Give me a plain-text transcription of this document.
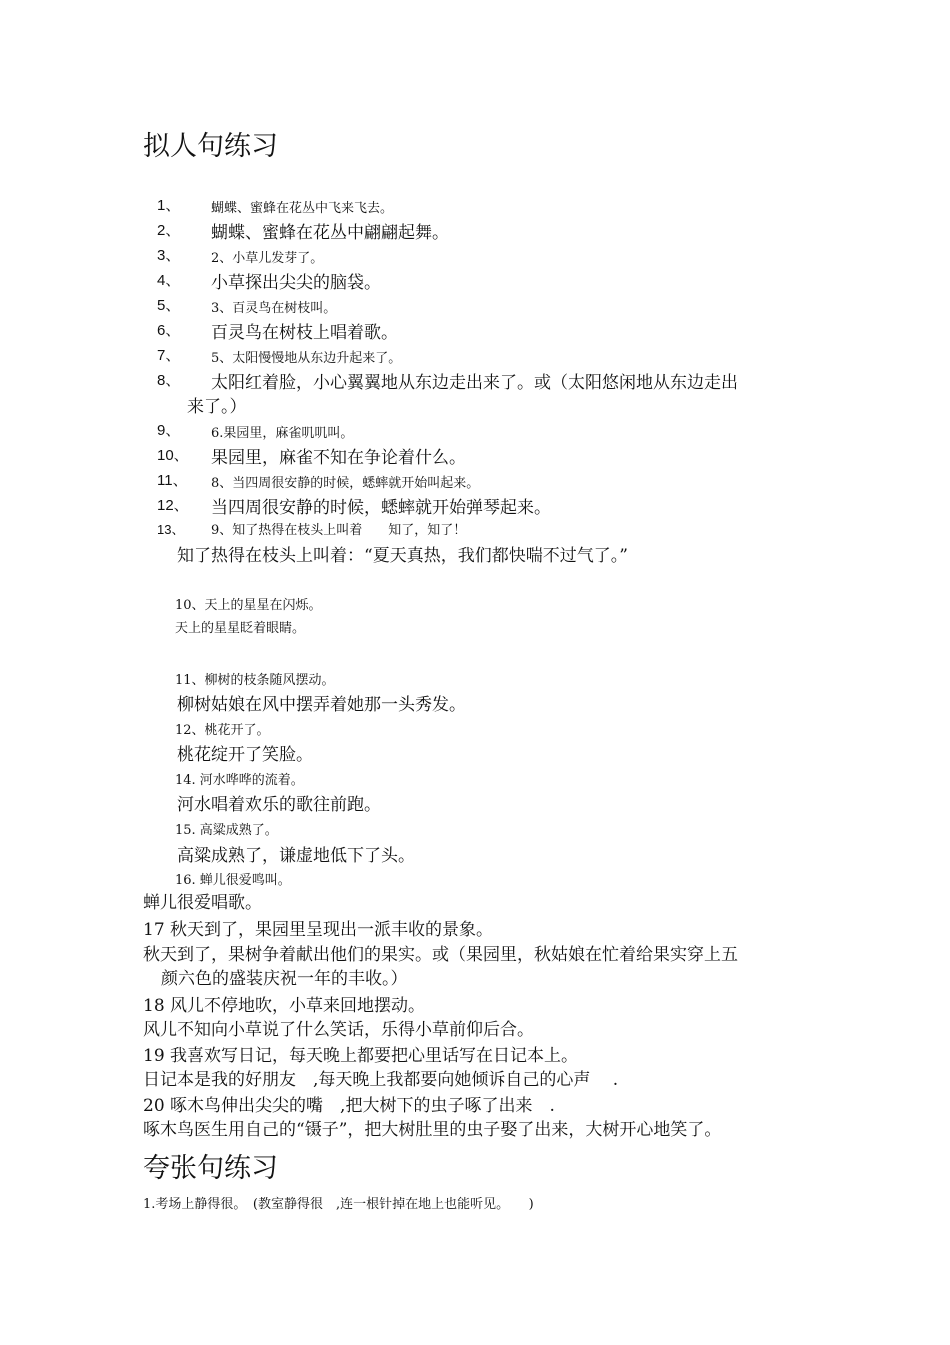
拟人句练习
1、 蝴蝶、蜜蜂在花丛中飞来飞去。
2、 蝴蝶、蜜蜂在花丛中翩翩起舞。
3、 2、小草儿发芽了。
4、 小草探出尖尖的脑袋。
5、 3、百灵鸟在树枝叫。
6、 百灵鸟在树枝上唱着歌。
7、 5、太阳慢慢地从东边升起来了。
8、 太阳红着脸，小心翼翼地从东边走出来了。或（太阳悠闲地从东边走出
来了。）
9、 6.果园里，麻雀叽叽叫。
10、 果园里，麻雀不知在争论着什么。
11、 8、当四周很安静的时候，蟋蟀就开始叫起来。
12、 当四周很安静的时候，蟋蟀就开始弹琴起来。
13、 9、知了热得在枝头上叫着　　知了，知了！
知了热得在枝头上叫着：“夏天真热，我们都快喘不过气了。”
10、天上的星星在闪烁。
天上的星星眨着眼睛。
11、柳树的枝条随风摆动。
柳树姑娘在风中摆弄着她那一头秀发。
12、桃花开了。
桃花绽开了笑脸。
14. 河水哗哗的流着。
河水唱着欢乐的歌往前跑。
15. 高粱成熟了。
高粱成熟了，谦虚地低下了头。
16. 蝉儿很爱鸣叫。
蝉儿很爱唱歌。
17 秋天到了，果园里呈现出一派丰收的景象。
秋天到了，果树争着献出他们的果实。或（果园里，秋姑娘在忙着给果实穿上五
颜六色的盛装庆祝一年的丰收。）
18 风儿不停地吹，小草来回地摆动。
风儿不知向小草说了什么笑话，乐得小草前仰后合。
19 我喜欢写日记，每天晚上都要把心里话写在日记本上。
日记本是我的好朋友　,每天晚上我都要向她倾诉自己的心声　 .
20 啄木鸟伸出尖尖的嘴　,把大树下的虫子啄了出来　.
啄木鸟医生用自己的“镊子”，把大树肚里的虫子娶了出来，大树开心地笑了。
夸张句练习
1.考场上静得很。　(教室静得很　,连一根针掉在地上也能听见。　　)
